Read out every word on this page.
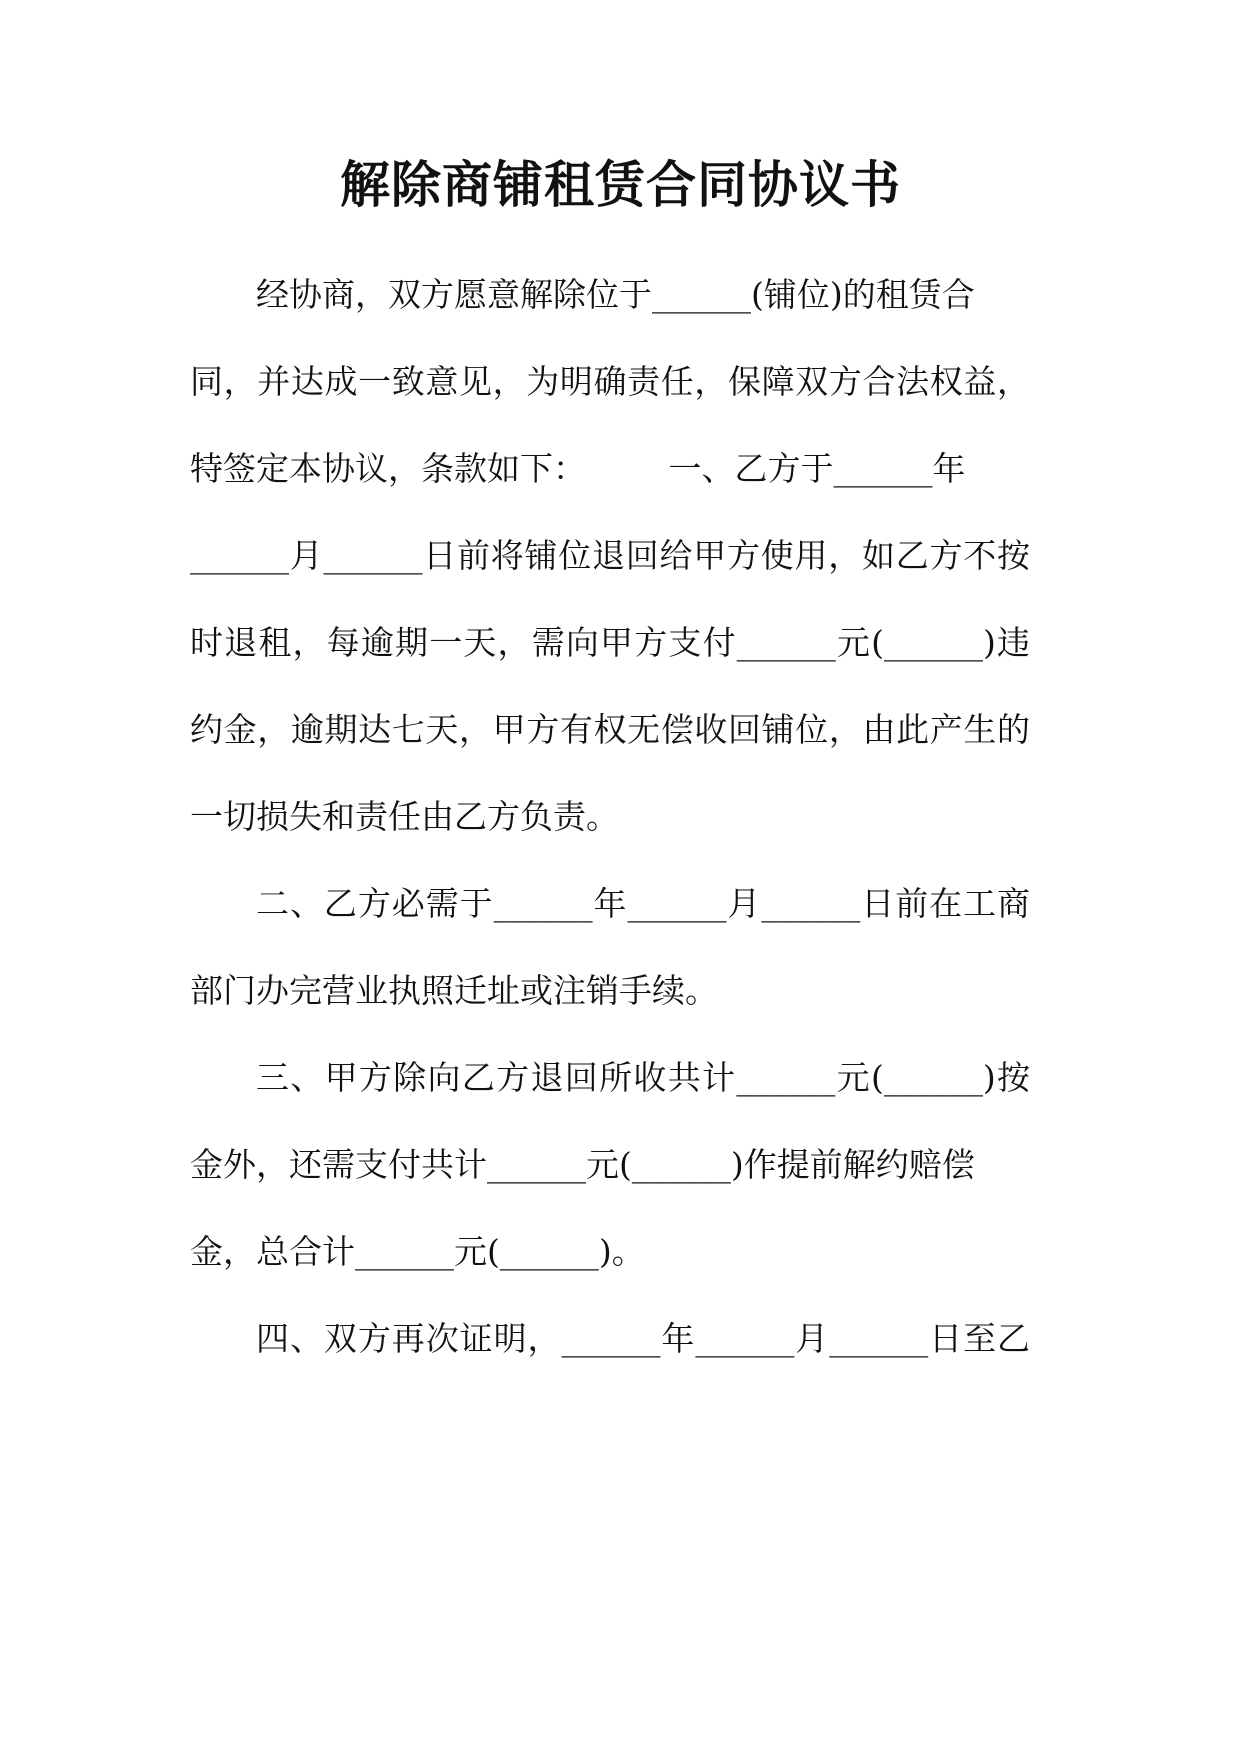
解除商铺租赁合同协议书
经协商，双方愿意解除位于______(铺位)的租赁合
同，并达成一致意见，为明确责任，保障双方合法权益，
特签定本协议，条款如下：　　　一、乙方于______年
______月______日前将铺位退回给甲方使用，如乙方不按
时退租，每逾期一天，需向甲方支付______元(______)违
约金，逾期达七天，甲方有权无偿收回铺位，由此产生的
一切损失和责任由乙方负责。
二、乙方必需于______年______月______日前在工商
部门办完营业执照迁址或注销手续。
三、甲方除向乙方退回所收共计______元(______)按
金外，还需支付共计______元(______)作提前解约赔偿
金，总合计______元(______)。
四、双方再次证明，______年______月______日至乙
